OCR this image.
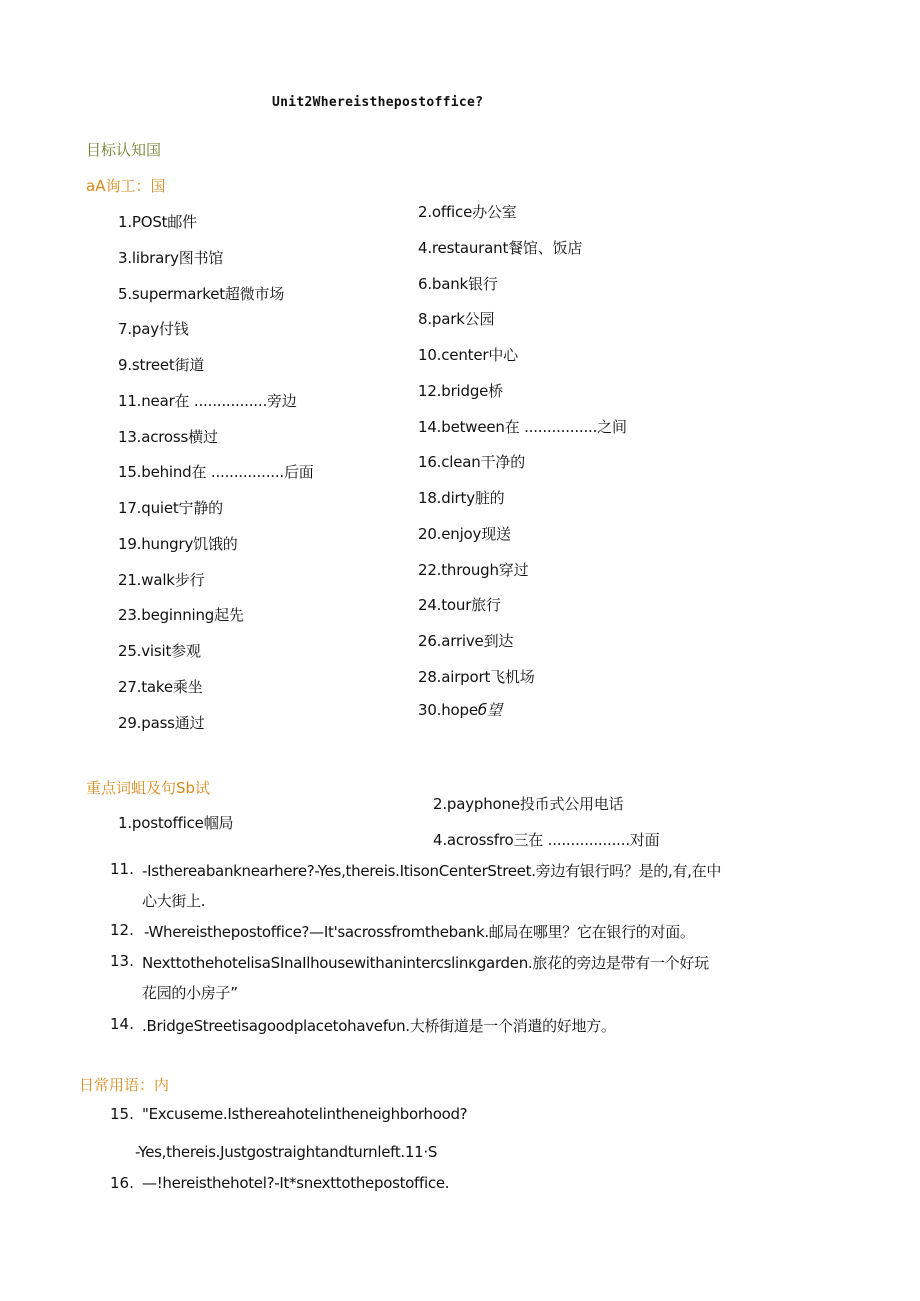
Unit2Whereisthepostoffice?
目标认知国
aA询工：国
1.POSt邮件
3.library图书馆
5.supermarket超微市场
7.pay付钱
9.street街道
11.near在 ................旁边
13.across横过
15.behind在 ................后面
17.quiet宁静的
19.hungry饥饿的
21.walk步行
23.beginning起先
25.visit参观
27.take乘坐
29.pass通过
2.office办公室
4.restaurant餐馆、饭店
6.bank银行
8.park公园
10.center中心
12.bridge桥
14.between在 ................之间
16.clean干净的
18.dirty脏的
20.enjoy现送
22.through穿过
24.tour旅行
26.arrive到达
28.airport飞机场
30.hopeб望
重点词蛆及句Sb试
2.payphone投币式公用电话
1.postoffice帼局
4.acrossfro三在 ..................对面
11. -Isthereabanknearhere?-Yes,thereis.ItisonCenterStreet.旁边有银行吗？是的,有,在中
心大街上.
12. -Whereisthepostoffice?—It'sacrossfromthebank.邮局在哪里？它在银行的对面。
13. NexttothehotelisaSInaIlhousewithanintercslinкgarden.旅花的旁边是带有一个好玩
花园的小房子”
14. .BridgeStreetisagoodplacetohavefυn.大桥街道是一个消遣的好地方。
日常用语：内
15. "Excuseme.Isthereahotelintheneighborhood?
-Yes,thereis.Justgostraightandturnleft.11·S
16. —!hereisthehotel?-It*snexttothepostoffice.
